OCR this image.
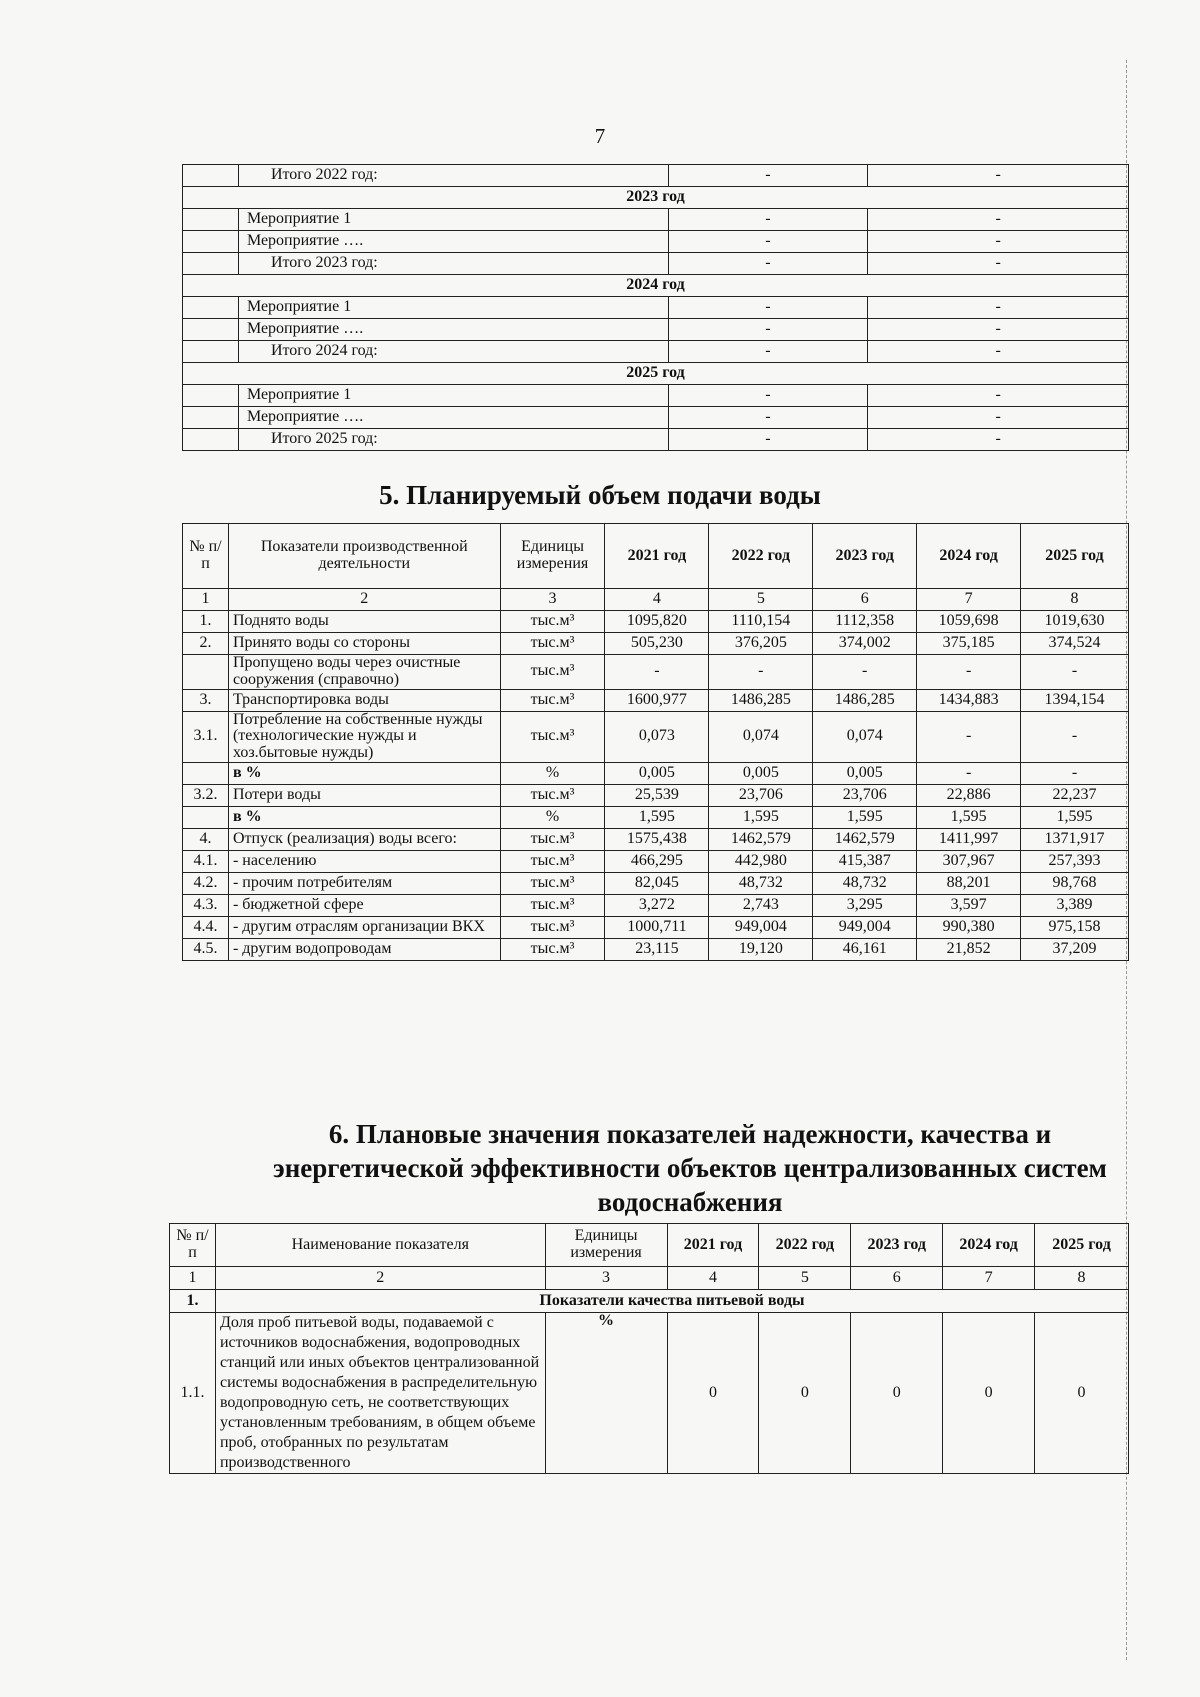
7
	Итого 2022 год:	-	-
2023 год			
	Мероприятие 1	-	-
	Мероприятие ….	-	-
	Итого 2023 год:	-	-
2024 год			
	Мероприятие 1	-	-
	Мероприятие ….	-	-
	Итого 2024 год:	-	-
2025 год			
	Мероприятие 1	-	-
	Мероприятие ….	-	-
	Итого 2025 год:	-	-
5. Планируемый объем подачи воды
№ п/п	Показатели производственной деятельности	Единицы измерения	2021 год	2022 год	2023 год	2024 год	2025 год
1	2	3	4	5	6	7	8
1.	Поднято воды	тыс.м³	1095,820	1110,154	1112,358	1059,698	1019,630
2.	Принято воды со стороны	тыс.м³	505,230	376,205	374,002	375,185	374,524
	Пропущено воды через очистные сооружения (справочно)	тыс.м³	-	-	-	-	-
3.	Транспортировка воды	тыс.м³	1600,977	1486,285	1486,285	1434,883	1394,154
3.1.	Потребление на собственные нужды (технологические нужды и хоз.бытовые нужды)	тыс.м³	0,073	0,074	0,074	-	-
	в %	%	0,005	0,005	0,005	-	-
3.2.	Потери воды	тыс.м³	25,539	23,706	23,706	22,886	22,237
	в %	%	1,595	1,595	1,595	1,595	1,595
4.	Отпуск (реализация) воды всего:	тыс.м³	1575,438	1462,579	1462,579	1411,997	1371,917
4.1.	- населению	тыс.м³	466,295	442,980	415,387	307,967	257,393
4.2.	- прочим потребителям	тыс.м³	82,045	48,732	48,732	88,201	98,768
4.3.	- бюджетной сфере	тыс.м³	3,272	2,743	3,295	3,597	3,389
4.4.	- другим отраслям организации ВКХ	тыс.м³	1000,711	949,004	949,004	990,380	975,158
4.5.	- другим водопроводам	тыс.м³	23,115	19,120	46,161	21,852	37,209
6. Плановые значения показателей надежности, качества и
энергетической эффективности объектов централизованных систем
водоснабжения
№ п/п	Наименование показателя	Единицы измерения	2021 год	2022 год	2023 год	2024 год	2025 год
1	2	3	4	5	6	7	8
1.	Показатели качества питьевой воды						
1.1.	Доля проб питьевой воды, подаваемой с источников водоснабжения, водопроводных станций или иных объектов централизованной системы водоснабжения в распределительную водопроводную сеть, не соответствующих установленным требованиям, в общем объеме проб, отобранных по результатам производственного	%	0	0	0	0	0
